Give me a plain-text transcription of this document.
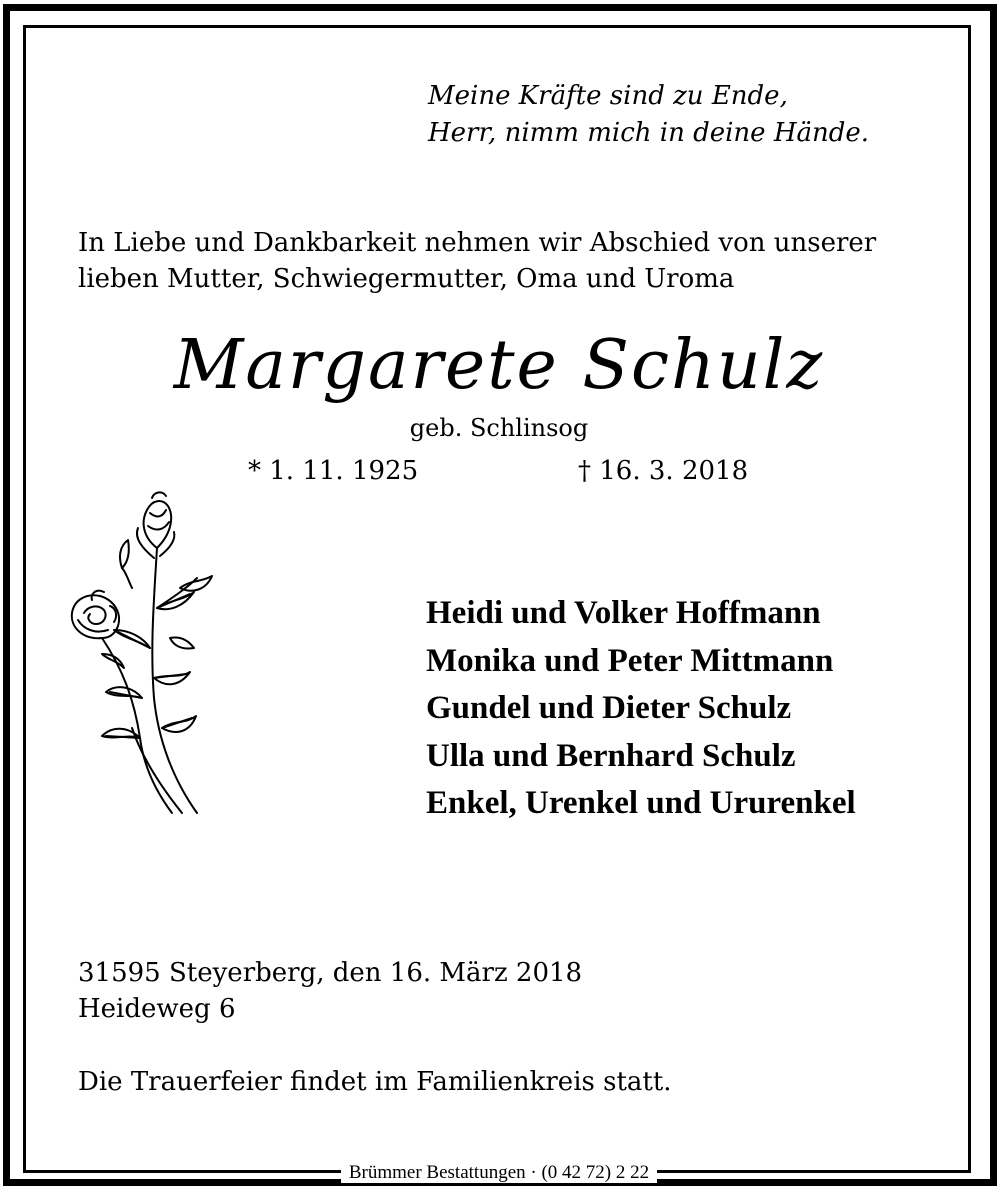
Meine Kräfte sind zu Ende,
Herr, nimm mich in deine Hände.
In Liebe und Dankbarkeit nehmen wir Abschied von unserer
lieben Mutter, Schwiegermutter, Oma und Uroma
Margarete Schulz
geb. Schlinsog
* 1. 11. 1925	† 16. 3. 2018
Heidi und Volker Hoffmann
Monika und Peter Mittmann
Gundel und Dieter Schulz
Ulla und Bernhard Schulz
Enkel, Urenkel und Ururenkel
31595 Steyerberg, den 16. März 2018
Heideweg 6
Die Trauerfeier findet im Familienkreis statt.
Brümmer Bestattungen · (0 42 72) 2 22
